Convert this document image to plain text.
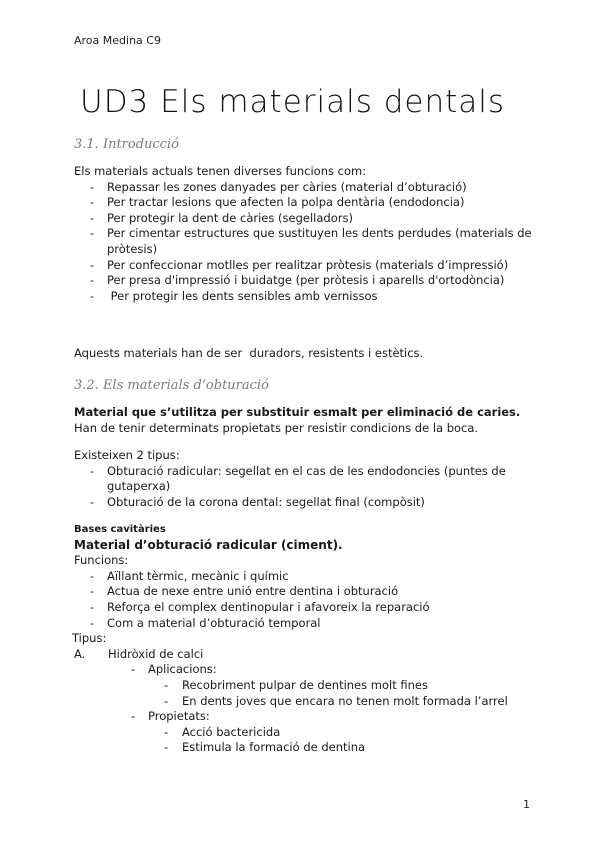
Aroa Medina C9
UD3 Els materials dentals
3.1. Introducció
Els materials actuals tenen diverses funcions com:
- Repassar les zones danyades per càries (material d’obturació)
- Per tractar lesions que afecten la polpa dentària (endodoncia)
- Per protegir la dent de càries (segelladors)
- Per cimentar estructures que sustituyen les dents perdudes (materials de pròtesis)
- Per confeccionar motlles per realitzar pròtesis (materials d’impressió)
- Per presa d'impressió i buidatge (per pròtesis i aparells d'ortodòncia)
-  Per protegir les dents sensibles amb vernissos
Aquests materials han de ser  duradors, resistents i estètics.
3.2. Els materials d’obturació
Material que s’utilitza per substituir esmalt per eliminació de caries.
Han de tenir determinats propietats per resistir condicions de la boca.
Existeixen 2 tipus:
- Obturació radicular: segellat en el cas de les endodoncies (puntes de gutaperxa)
- Obturació de la corona dental: segellat final (compòsit)
Bases cavitàries
Material d’obturació radicular (ciment).
Funcions:
- Aïllant tèrmic, mecànic i químic
- Actua de nexe entre unió entre dentina i obturació
- Reforça el complex dentinopular i afavoreix la reparació
- Com a material d’obturació temporal
Tipus:
A. Hidròxid de calci
- Aplicacions:
- Recobriment pulpar de dentines molt fines
- En dents joves que encara no tenen molt formada l’arrel
- Propietats:
- Acció bactericida
- Estimula la formació de dentina
1
